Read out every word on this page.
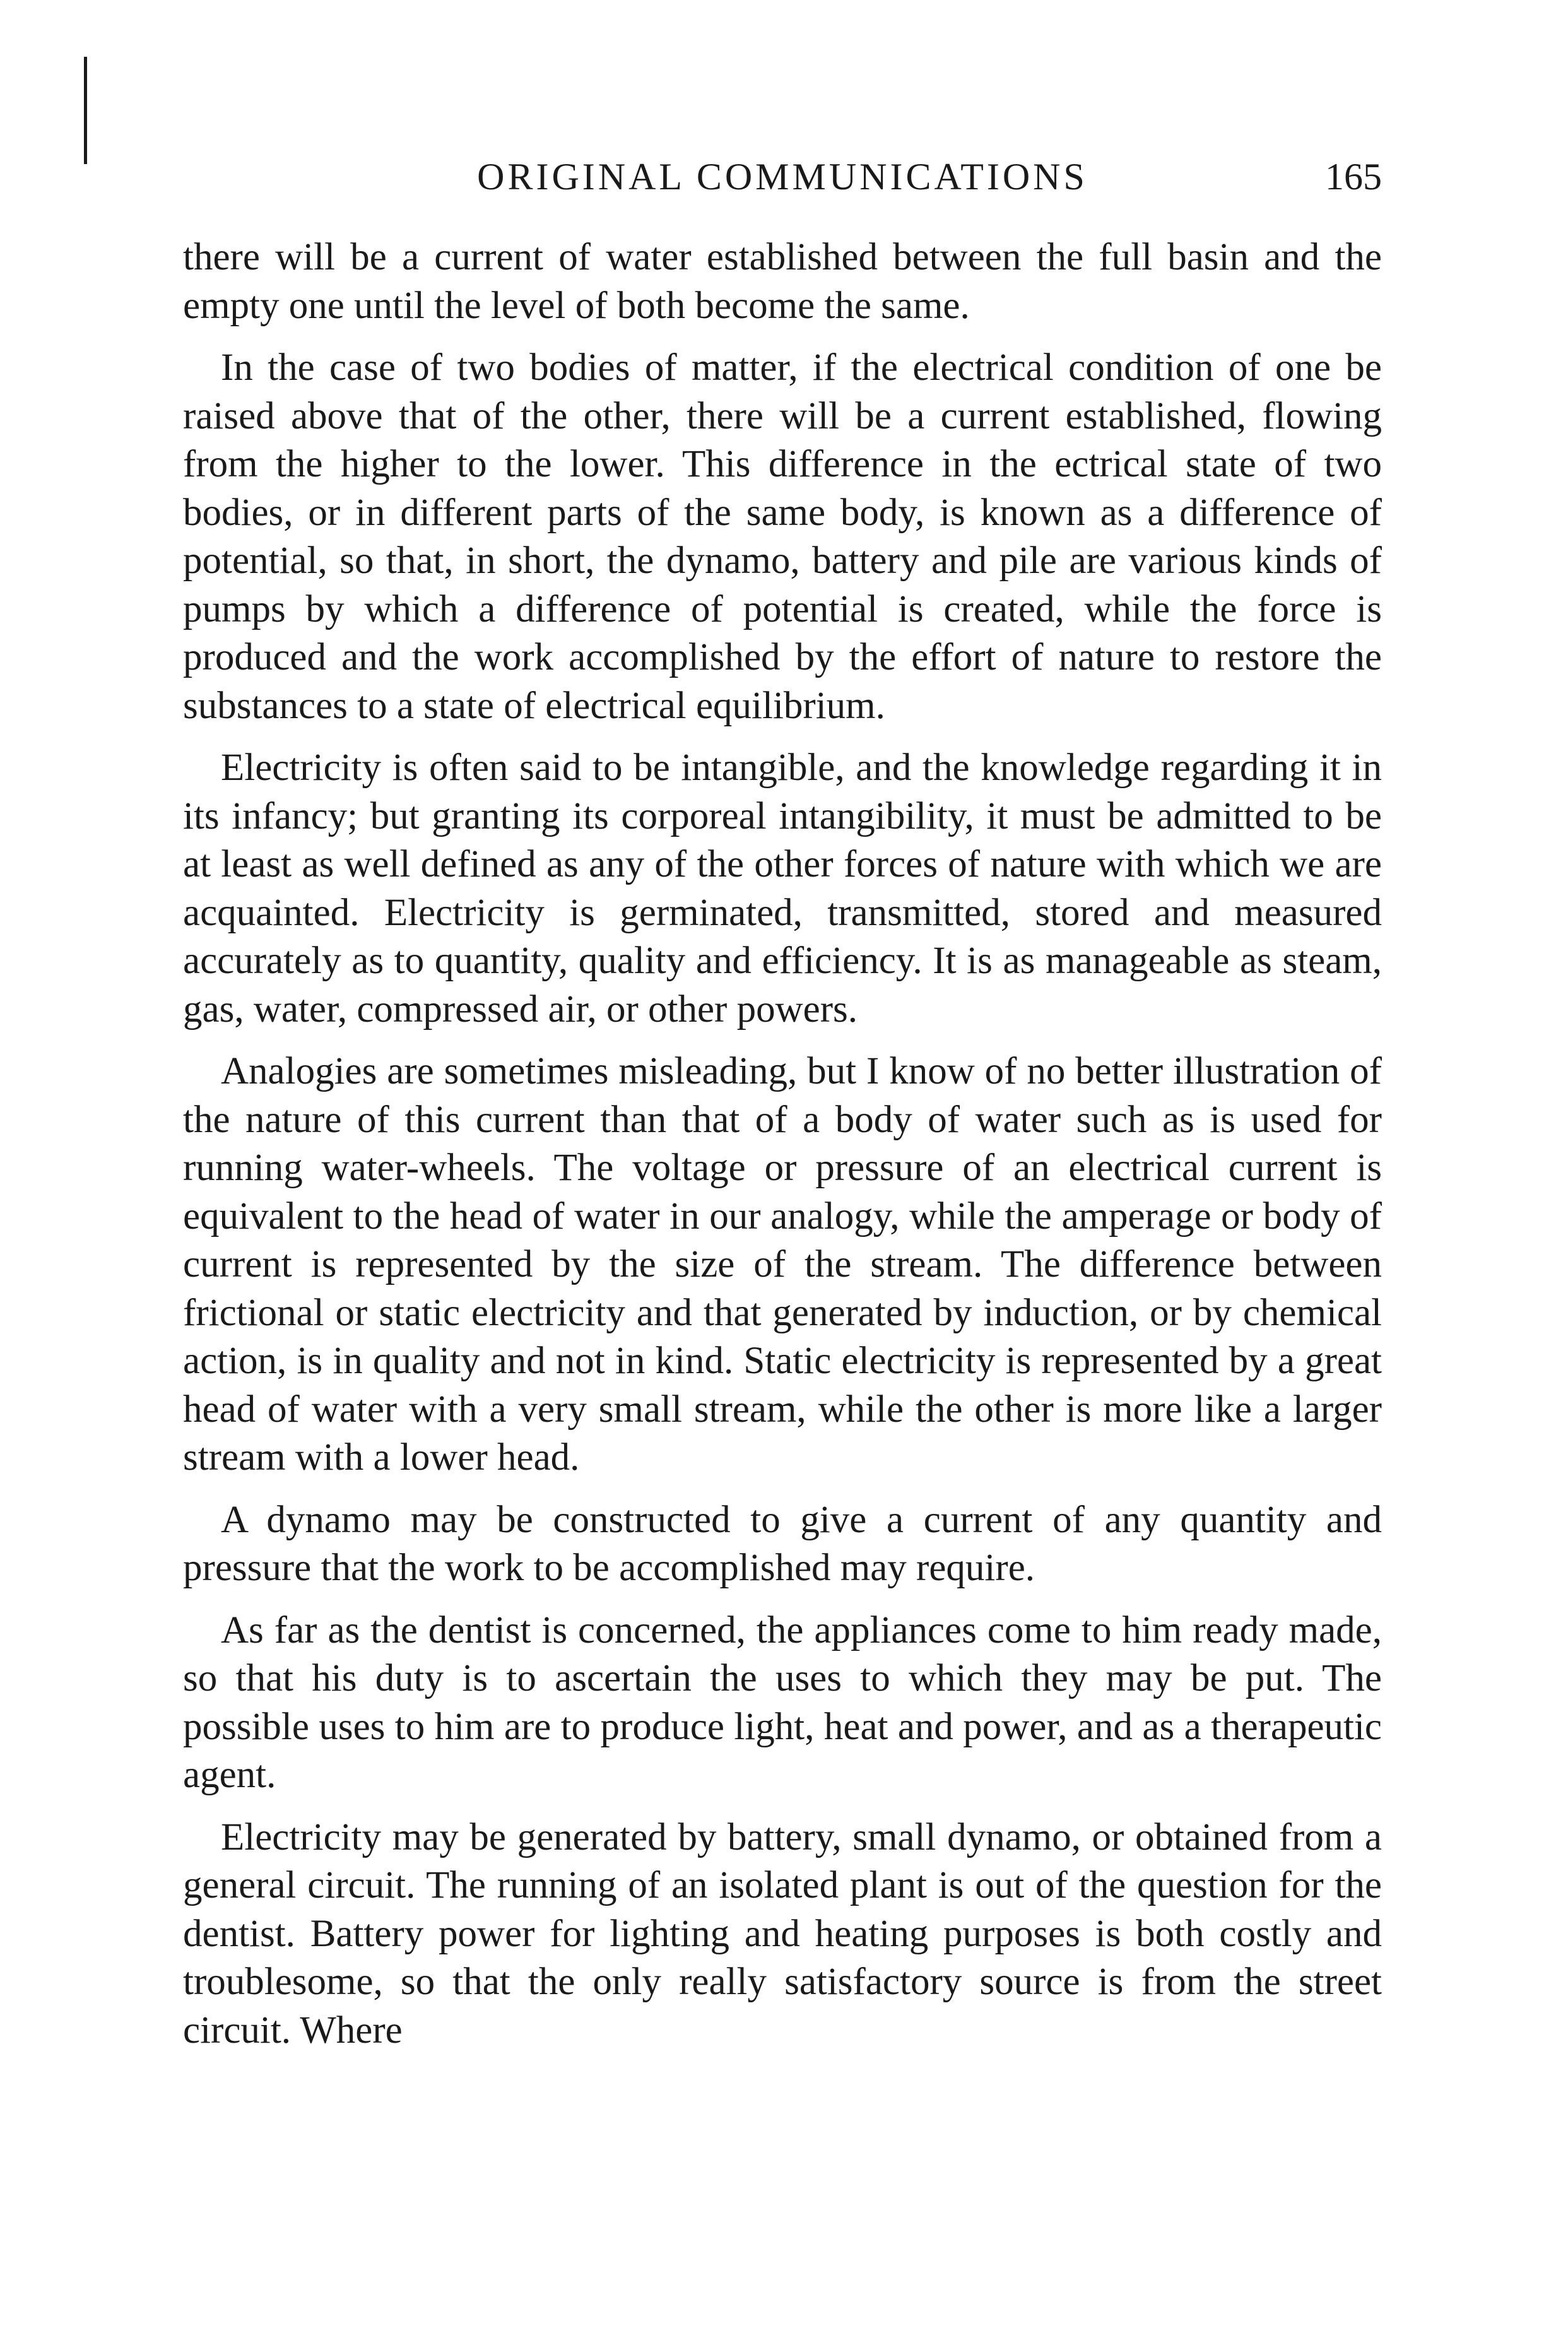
ORIGINAL COMMUNICATIONS	165

there will be a current of water established between the full basin and the empty one until the level of both become the same.

In the case of two bodies of matter, if the electrical condition of one be raised above that of the other, there will be a current established, flowing from the higher to the lower. This difference in the ectrical state of two bodies, or in different parts of the same body, is known as a difference of potential, so that, in short, the dynamo, battery and pile are various kinds of pumps by which a difference of potential is created, while the force is produced and the work accomplished by the effort of nature to restore the substances to a state of electrical equilibrium.

Electricity is often said to be intangible, and the knowledge regarding it in its infancy; but granting its corporeal intangibility, it must be admitted to be at least as well defined as any of the other forces of nature with which we are acquainted. Electricity is germinated, transmitted, stored and measured accurately as to quantity, quality and efficiency. It is as manageable as steam, gas, water, compressed air, or other powers.

Analogies are sometimes misleading, but I know of no better illustration of the nature of this current than that of a body of water such as is used for running water-wheels. The voltage or pressure of an electrical current is equivalent to the head of water in our analogy, while the amperage or body of current is represented by the size of the stream. The difference between frictional or static electricity and that generated by induction, or by chemical action, is in quality and not in kind. Static electricity is represented by a great head of water with a very small stream, while the other is more like a larger stream with a lower head.

A dynamo may be constructed to give a current of any quantity and pressure that the work to be accomplished may require.

As far as the dentist is concerned, the appliances come to him ready made, so that his duty is to ascertain the uses to which they may be put. The possible uses to him are to produce light, heat and power, and as a therapeutic agent.

Electricity may be generated by battery, small dynamo, or obtained from a general circuit. The running of an isolated plant is out of the question for the dentist. Battery power for lighting and heating purposes is both costly and troublesome, so that the only really satisfactory source is from the street circuit. Where
